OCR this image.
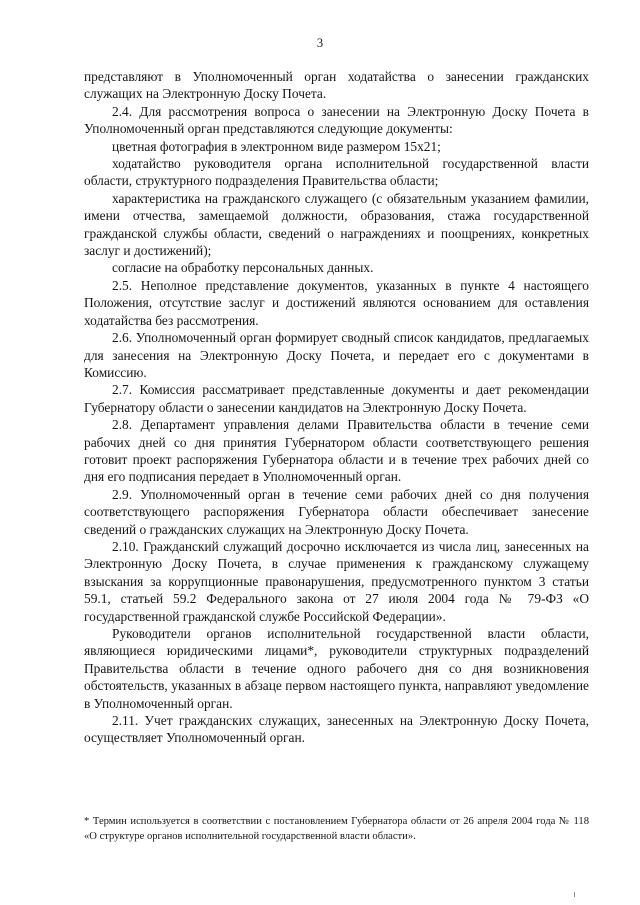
3

представляют в Уполномоченный орган ходатайства о занесении гражданских служащих на Электронную Доску Почета.

2.4. Для рассмотрения вопроса о занесении на Электронную Доску Почета в Уполномоченный орган представляются следующие документы:

цветная фотография в электронном виде размером 15х21;

ходатайство руководителя органа исполнительной государственной власти области, структурного подразделения Правительства области;

характеристика на гражданского служащего (с обязательным указанием фамилии, имени отчества, замещаемой должности, образования, стажа государственной гражданской службы области, сведений о награждениях и поощрениях, конкретных заслуг и достижений);

согласие на обработку персональных данных.

2.5. Неполное представление документов, указанных в пункте 4 настоящего Положения, отсутствие заслуг и достижений являются основанием для оставления ходатайства без рассмотрения.

2.6. Уполномоченный орган формирует сводный список кандидатов, предлагаемых для занесения на Электронную Доску Почета, и передает его с документами в Комиссию.

2.7. Комиссия рассматривает представленные документы и дает рекомендации Губернатору области о занесении кандидатов на Электронную Доску Почета.

2.8. Департамент управления делами Правительства области в течение семи рабочих дней со дня принятия Губернатором области соответствующего решения готовит проект распоряжения Губернатора области и в течение трех рабочих дней со дня его подписания передает в Уполномоченный орган.

2.9. Уполномоченный орган в течение семи рабочих дней со дня получения соответствующего распоряжения Губернатора области обеспечивает занесение сведений о гражданских служащих на Электронную Доску Почета.

2.10. Гражданский служащий досрочно исключается из числа лиц, занесенных на Электронную Доску Почета, в случае применения к гражданскому служащему взыскания за коррупционные правонарушения, предусмотренного пунктом 3 статьи 59.1, статьей 59.2 Федерального закона от 27 июля 2004 года № 79-ФЗ «О государственной гражданской службе Российской Федерации».

Руководители органов исполнительной государственной власти области, являющиеся юридическими лицами*, руководители структурных подразделений Правительства области в течение одного рабочего дня со дня возникновения обстоятельств, указанных в абзаце первом настоящего пункта, направляют уведомление в Уполномоченный орган.

2.11. Учет гражданских служащих, занесенных на Электронную Доску Почета, осуществляет Уполномоченный орган.

* Термин используется в соответствии с постановлением Губернатора области от 26 апреля 2004 года № 118 «О структуре органов исполнительной государственной власти области».
